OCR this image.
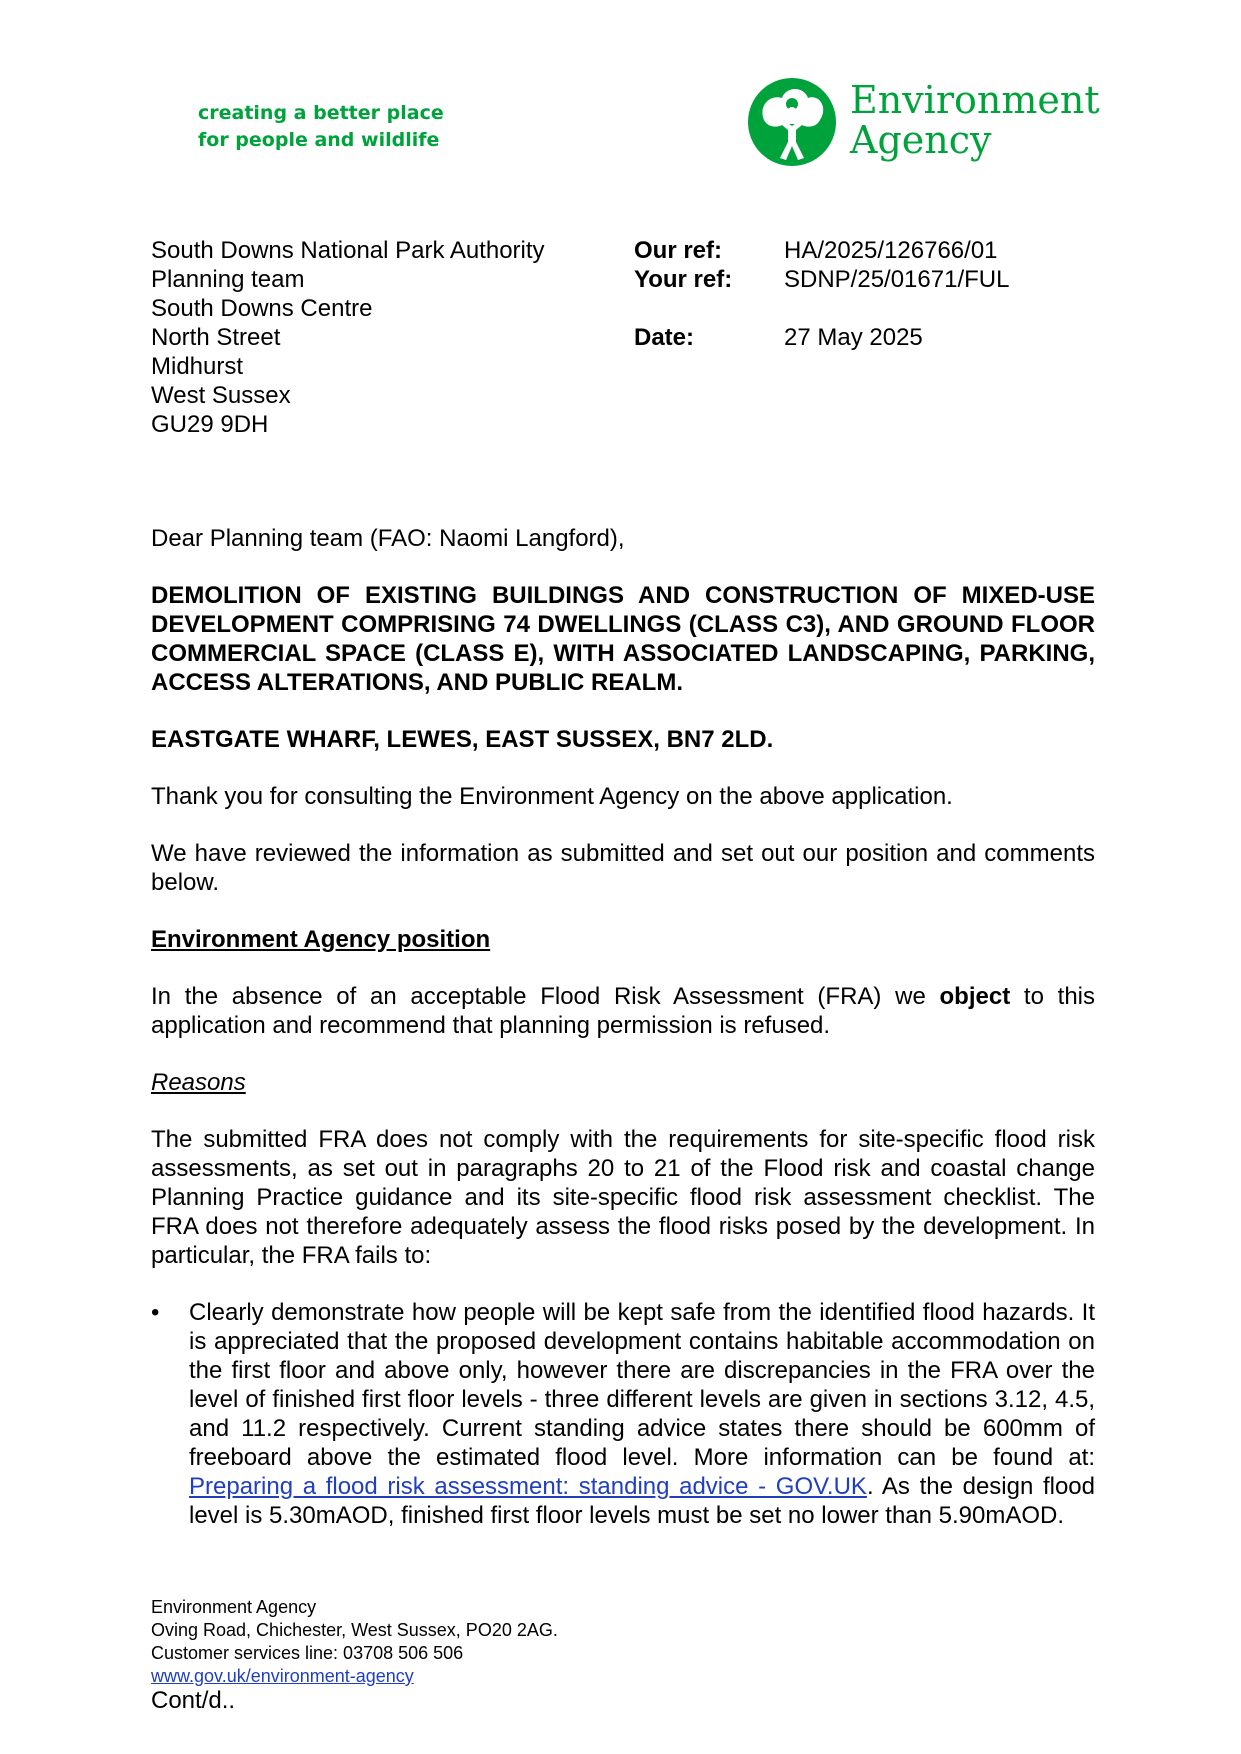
creating a better place
for people and wildlife
Environment
Agency
South Downs National Park Authority
Planning team
South Downs Centre
North Street
Midhurst
West Sussex
GU29 9DH
Our ref:	HA/2025/126766/01
Your ref:	SDNP/25/01671/FUL
Date:	27 May 2025

Dear Planning team (FAO: Naomi Langford),

DEMOLITION OF EXISTING BUILDINGS AND CONSTRUCTION OF MIXED-USE DEVELOPMENT COMPRISING 74 DWELLINGS (CLASS C3), AND GROUND FLOOR COMMERCIAL SPACE (CLASS E), WITH ASSOCIATED LANDSCAPING, PARKING, ACCESS ALTERATIONS, AND PUBLIC REALM.

EASTGATE WHARF, LEWES, EAST SUSSEX, BN7 2LD.

Thank you for consulting the Environment Agency on the above application.

We have reviewed the information as submitted and set out our position and comments below.

Environment Agency position

In the absence of an acceptable Flood Risk Assessment (FRA) we object to this application and recommend that planning permission is refused.

Reasons

The submitted FRA does not comply with the requirements for site-specific flood risk assessments, as set out in paragraphs 20 to 21 of the Flood risk and coastal change Planning Practice guidance and its site-specific flood risk assessment checklist. The FRA does not therefore adequately assess the flood risks posed by the development. In particular, the FRA fails to:

•	Clearly demonstrate how people will be kept safe from the identified flood hazards. It is appreciated that the proposed development contains habitable accommodation on the first floor and above only, however there are discrepancies in the FRA over the level of finished first floor levels - three different levels are given in sections 3.12, 4.5, and 11.2 respectively. Current standing advice states there should be 600mm of freeboard above the estimated flood level. More information can be found at: Preparing a flood risk assessment: standing advice - GOV.UK. As the design flood level is 5.30mAOD, finished first floor levels must be set no lower than 5.90mAOD.
Environment Agency
Oving Road, Chichester, West Sussex, PO20 2AG.
Customer services line: 03708 506 506
www.gov.uk/environment-agency
Cont/d..
